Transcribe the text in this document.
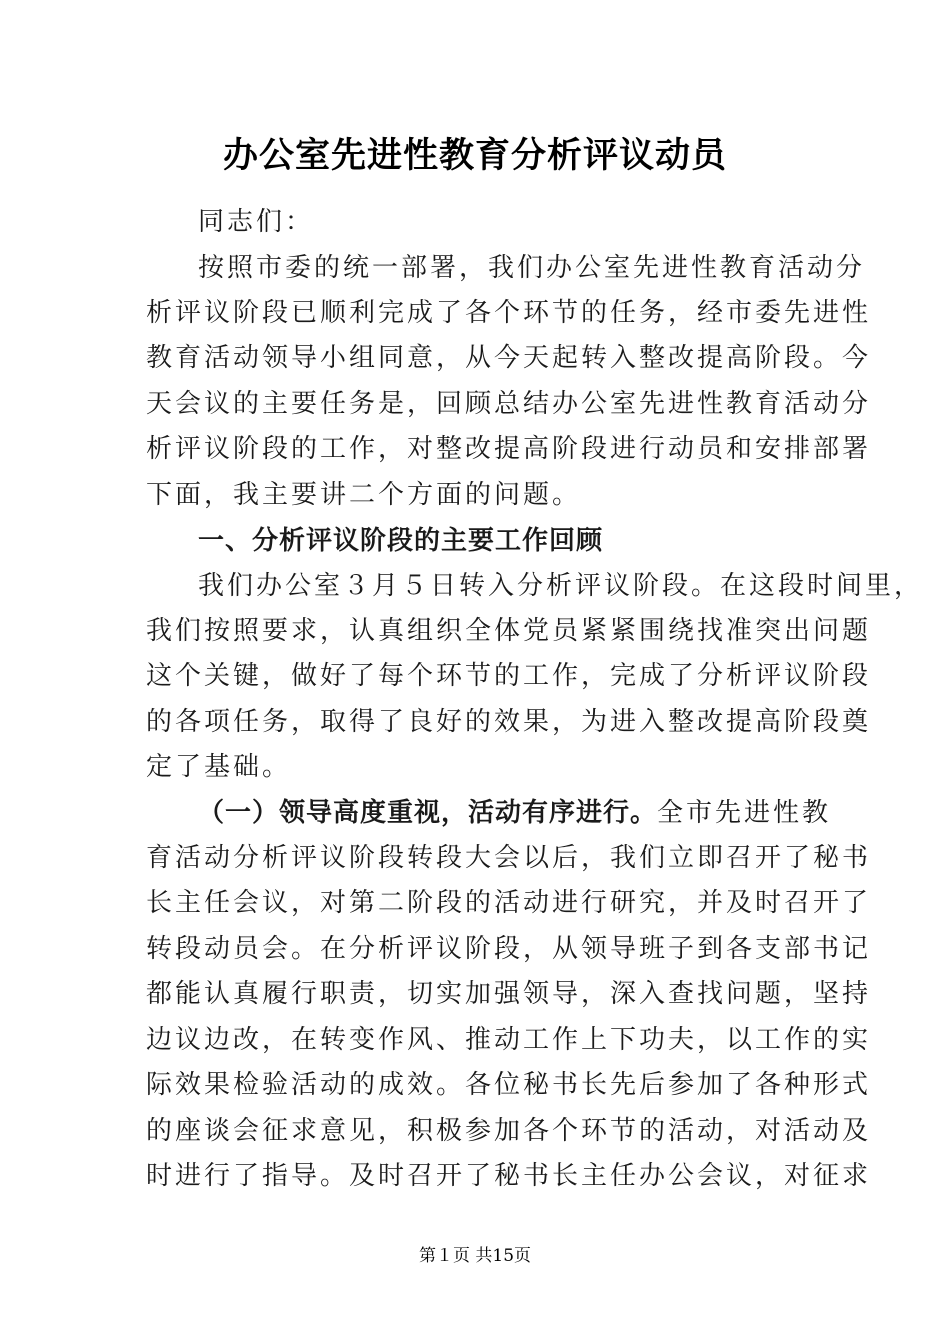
办公室先进性教育分析评议动员
同志们：
按照市委的统一部署，我们办公室先进性教育活动分
析评议阶段已顺利完成了各个环节的任务，经市委先进性
教育活动领导小组同意，从今天起转入整改提高阶段。今
天会议的主要任务是，回顾总结办公室先进性教育活动分
析评议阶段的工作，对整改提高阶段进行动员和安排部署
下面，我主要讲二个方面的问题。
一、分析评议阶段的主要工作回顾
我们办公室３月５日转入分析评议阶段。在这段时间里，
我们按照要求，认真组织全体党员紧紧围绕找准突出问题
这个关键，做好了每个环节的工作，完成了分析评议阶段
的各项任务，取得了良好的效果，为进入整改提高阶段奠
定了基础。
（一）领导高度重视，活动有序进行。全市先进性教
育活动分析评议阶段转段大会以后，我们立即召开了秘书
长主任会议，对第二阶段的活动进行研究，并及时召开了
转段动员会。在分析评议阶段，从领导班子到各支部书记
都能认真履行职责，切实加强领导，深入查找问题，坚持
边议边改，在转变作风、推动工作上下功夫，以工作的实
际效果检验活动的成效。各位秘书长先后参加了各种形式
的座谈会征求意见，积极参加各个环节的活动，对活动及
时进行了指导。及时召开了秘书长主任办公会议，对征求
第１页 共15页
